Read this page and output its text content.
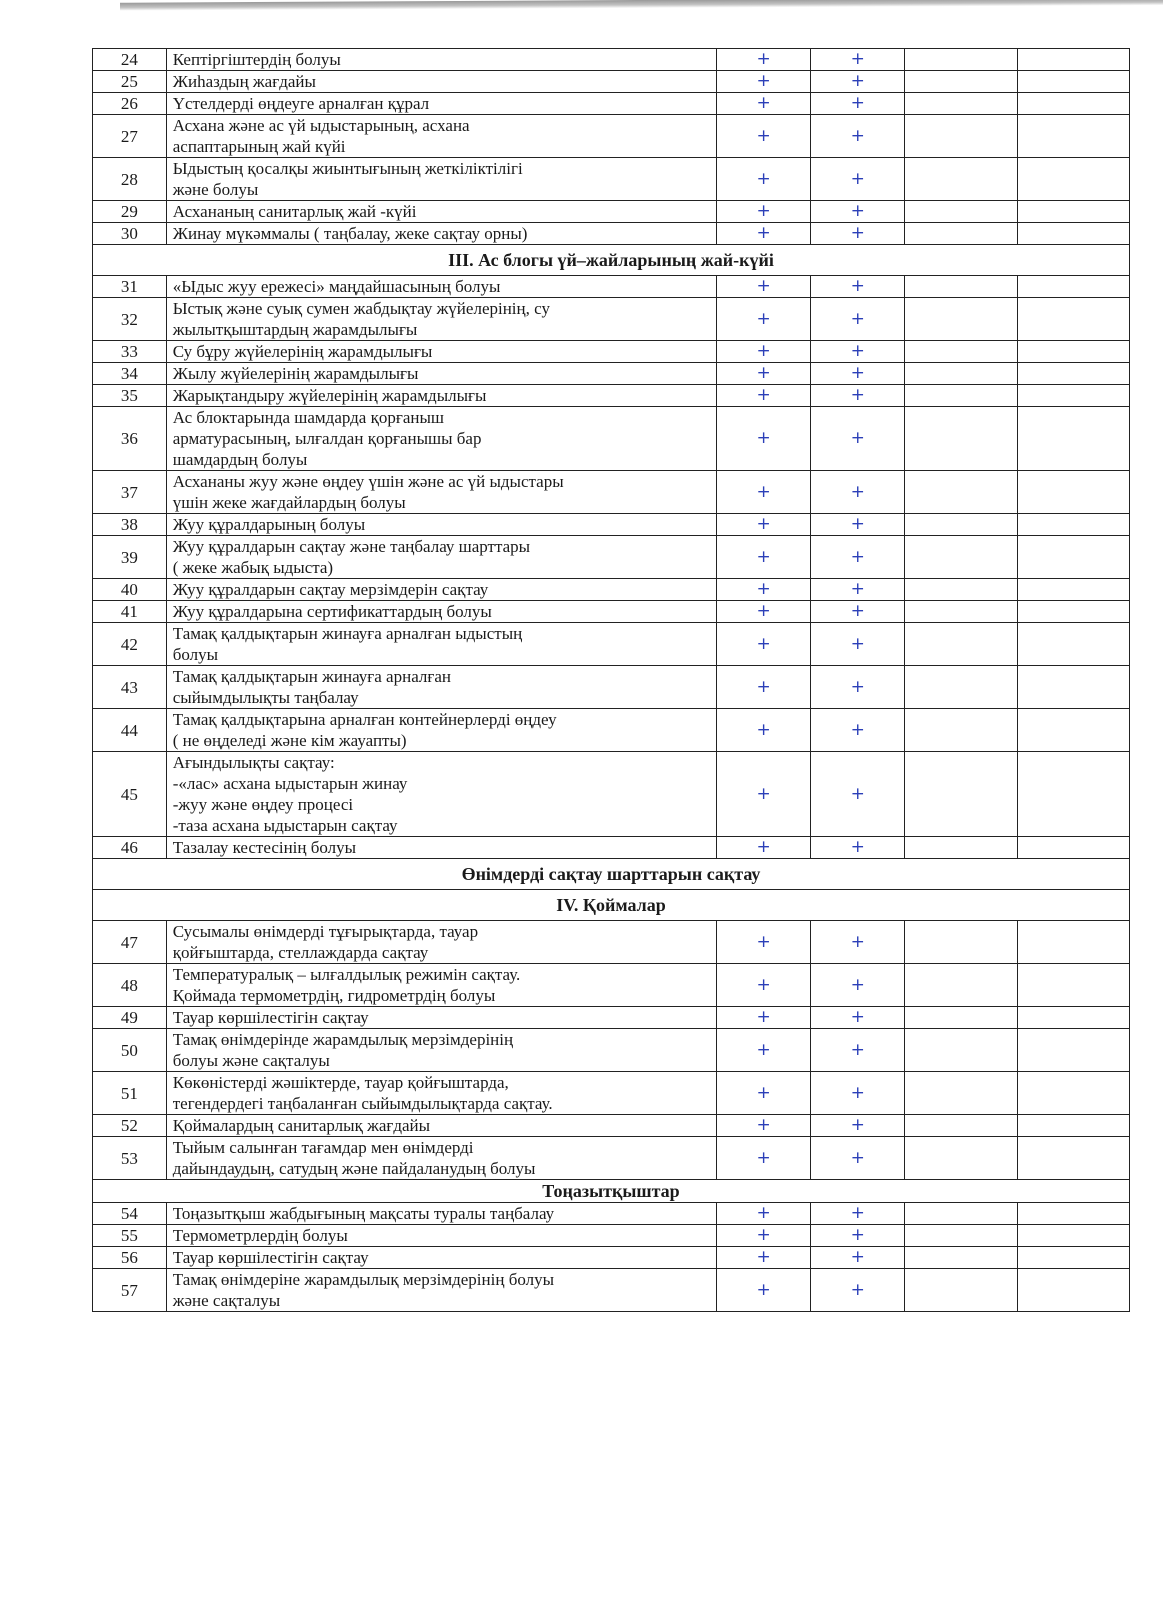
24	Кептіргіштердің болуы	+	+		
25	Жиһаздың жағдайы	+	+		
26	Үстелдерді өңдеуге арналған құрал	+	+		
27	Асхана және ас үй ыдыстарының, асхана
аспаптарының жай күйі	+	+		
28	Ыдыстың қосалқы жиынтығының жеткіліктілігі
және болуы	+	+		
29	Асхананың санитарлық жай -күйі	+	+		
30	Жинау мүкәммалы ( таңбалау, жеке сақтау орны)	+	+		
III. Ас блогы үй–жайларының жай-күйі					
31	«Ыдыс жуу ережесі» маңдайшасының болуы	+	+		
32	Ыстық және суық сумен жабдықтау жүйелерінің, су
жылытқыштардың жарамдылығы	+	+		
33	Су бұру жүйелерінің жарамдылығы	+	+		
34	Жылу жүйелерінің жарамдылығы	+	+		
35	Жарықтандыру жүйелерінің жарамдылығы	+	+		
36	Ас блоктарында шамдарда қорғаныш
арматурасының, ылғалдан қорғанышы бар
шамдардың болуы	+	+		
37	Асхананы жуу және өңдеу үшін және ас үй ыдыстары
үшін жеке жағдайлардың болуы	+	+		
38	Жуу құралдарының болуы	+	+		
39	Жуу құралдарын сақтау және таңбалау шарттары
( жеке жабық ыдыста)	+	+		
40	Жуу құралдарын сақтау мерзімдерін сақтау	+	+		
41	Жуу құралдарына сертификаттардың болуы	+	+		
42	Тамақ қалдықтарын жинауға арналған ыдыстың
болуы	+	+		
43	Тамақ қалдықтарын жинауға арналған
сыйымдылықты таңбалау	+	+		
44	Тамақ қалдықтарына арналған контейнерлерді өңдеу
( не өңделеді және кім жауапты)	+	+		
45	Ағындылықты сақтау:
-«лас» асхана ыдыстарын жинау
-жуу және өңдеу процесі
-таза асхана ыдыстарын сақтау	+	+		
46	Тазалау кестесінің болуы	+	+		
Өнімдерді сақтау шарттарын сақтау					
IV. Қоймалар					
47	Сусымалы өнімдерді тұғырықтарда, тауар
қойғыштарда, стеллаждарда сақтау	+	+		
48	Температуралық – ылғалдылық режимін сақтау.
Қоймада термометрдің, гидрометрдің болуы	+	+		
49	Тауар көршілестігін сақтау	+	+		
50	Тамақ өнімдерінде жарамдылық мерзімдерінің
болуы және сақталуы	+	+		
51	Көкөністерді жәшіктерде, тауар қойғыштарда,
тегендердегі таңбаланған сыйымдылықтарда сақтау.	+	+		
52	Қоймалардың санитарлық жағдайы	+	+		
53	Тыйым салынған тағамдар мен өнімдерді
дайындаудың, сатудың және пайдаланудың болуы	+	+		
Тоңазытқыштар					
54	Тоңазытқыш жабдығының мақсаты туралы таңбалау	+	+		
55	Термометрлердің болуы	+	+		
56	Тауар көршілестігін сақтау	+	+		
57	Тамақ өнімдеріне жарамдылық мерзімдерінің болуы
және сақталуы	+	+		
